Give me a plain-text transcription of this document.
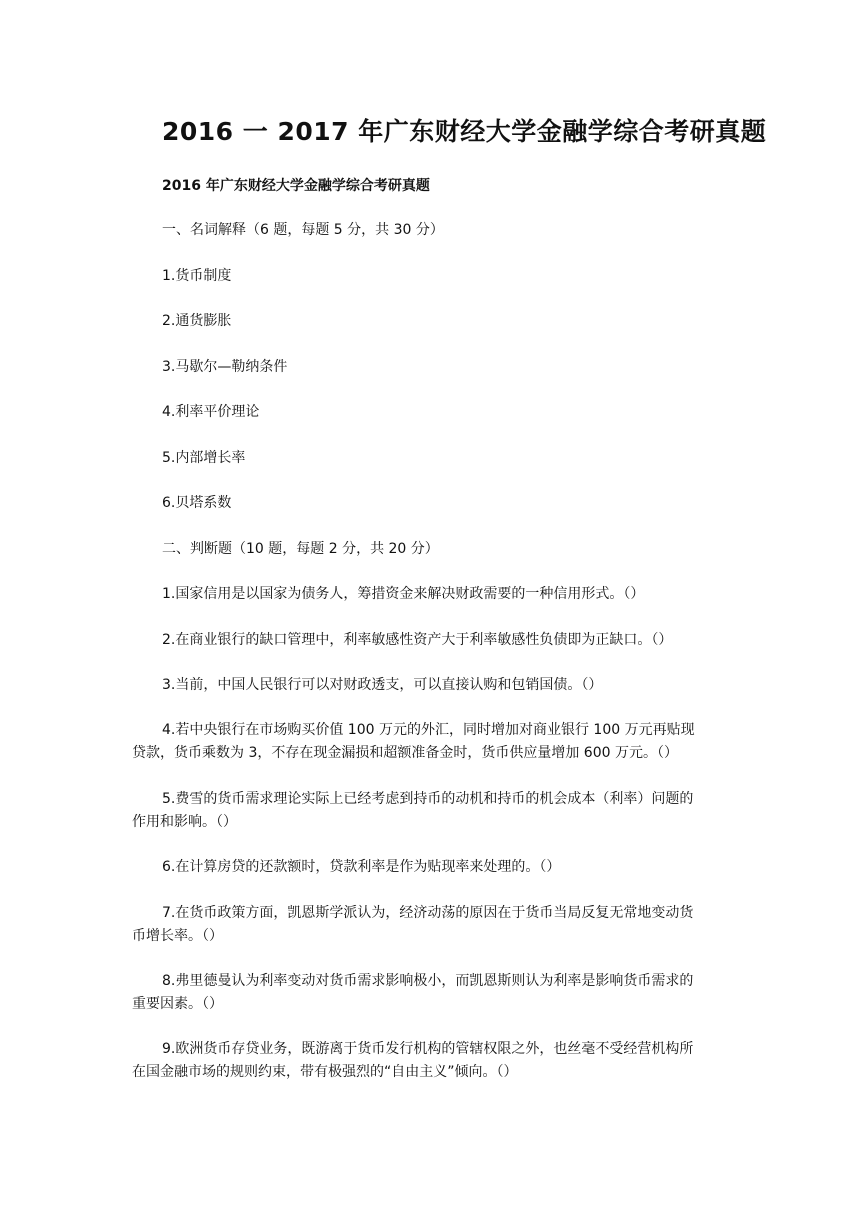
2016 一 2017 年广东财经大学金融学综合考研真题
2016 年广东财经大学金融学综合考研真题
一、名词解释（6 题，每题 5 分，共 30 分）
1.货币制度
2.通货膨胀
3.马歇尔—勒纳条件
4.利率平价理论
5.内部增长率
6.贝塔系数
二、判断题（10 题，每题 2 分，共 20 分）
1.国家信用是以国家为债务人，筹措资金来解决财政需要的一种信用形式。（）
2.在商业银行的缺口管理中，利率敏感性资产大于利率敏感性负债即为正缺口。（）
3.当前，中国人民银行可以对财政透支，可以直接认购和包销国债。（）
4.若中央银行在市场购买价值 100 万元的外汇，同时增加对商业银行 100 万元再贴现
贷款，货币乘数为 3，不存在现金漏损和超额准备金时，货币供应量增加 600 万元。（）
5.费雪的货币需求理论实际上已经考虑到持币的动机和持币的机会成本（利率）问题的
作用和影响。（）
6.在计算房贷的还款额时，贷款利率是作为贴现率来处理的。（）
7.在货币政策方面，凯恩斯学派认为，经济动荡的原因在于货币当局反复无常地变动货
币增长率。（）
8.弗里德曼认为利率变动对货币需求影响极小，而凯恩斯则认为利率是影响货币需求的
重要因素。（）
9.欧洲货币存贷业务，既游离于货币发行机构的管辖权限之外，也丝毫不受经营机构所
在国金融市场的规则约束，带有极强烈的“自由主义”倾向。（）
